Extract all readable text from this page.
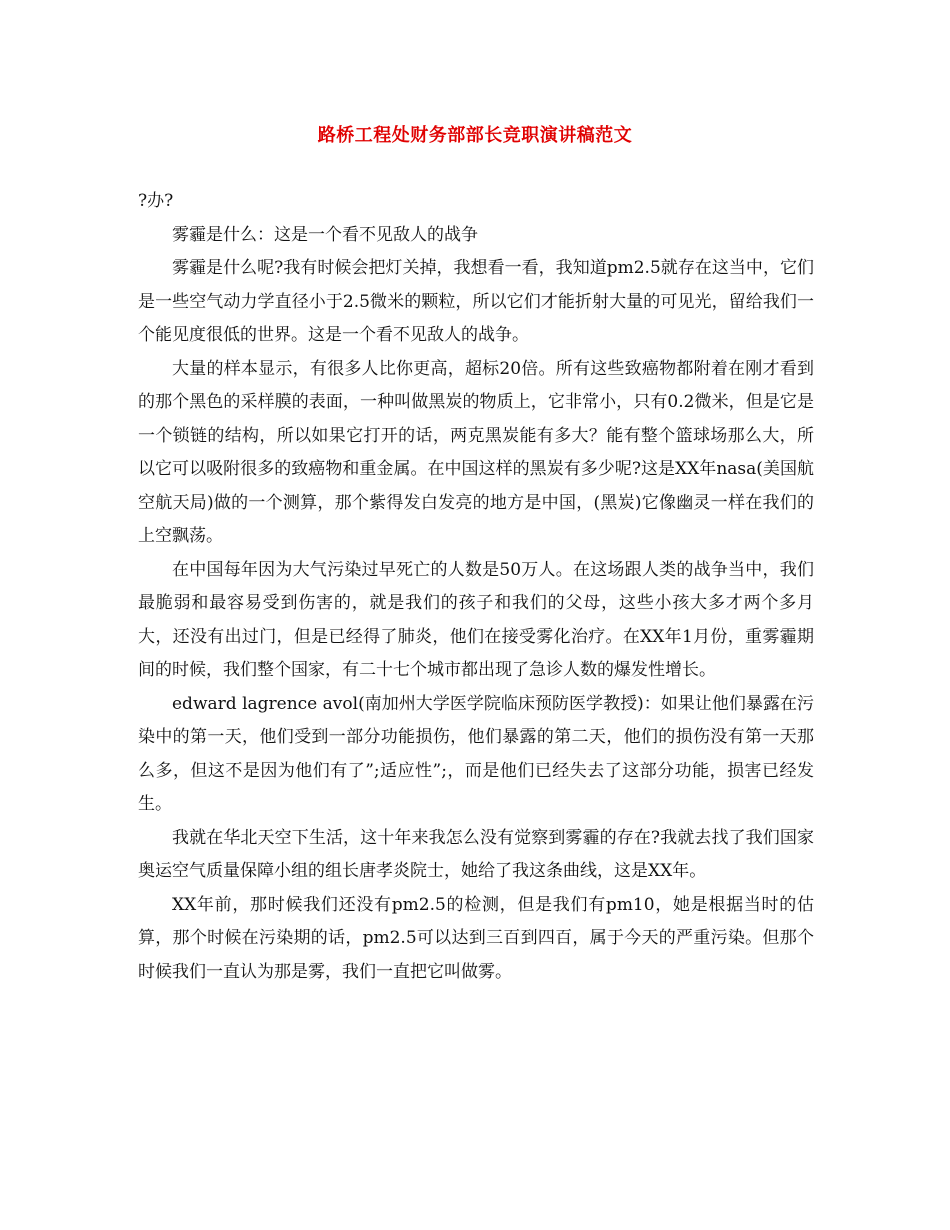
路桥工程处财务部部长竞职演讲稿范文

?办?

雾霾是什么：这是一个看不见敌人的战争

雾霾是什么呢?我有时候会把灯关掉，我想看一看，我知道pm2.5就存在这当中，它们是一些空气动力学直径小于2.5微米的颗粒，所以它们才能折射大量的可见光，留给我们一个能见度很低的世界。这是一个看不见敌人的战争。

大量的样本显示，有很多人比你更高，超标20倍。所有这些致癌物都附着在刚才看到的那个黑色的采样膜的表面，一种叫做黑炭的物质上，它非常小，只有0.2微米，但是它是一个锁链的结构，所以如果它打开的话，两克黑炭能有多大？能有整个篮球场那么大，所以它可以吸附很多的致癌物和重金属。在中国这样的黑炭有多少呢?这是XX年nasa(美国航空航天局)做的一个测算，那个紫得发白发亮的地方是中国，(黑炭)它像幽灵一样在我们的上空飘荡。

在中国每年因为大气污染过早死亡的人数是50万人。在这场跟人类的战争当中，我们最脆弱和最容易受到伤害的，就是我们的孩子和我们的父母，这些小孩大多才两个多月大，还没有出过门，但是已经得了肺炎，他们在接受雾化治疗。在XX年1月份，重雾霾期间的时候，我们整个国家，有二十七个城市都出现了急诊人数的爆发性增长。

edward lagrence avol(南加州大学医学院临床预防医学教授)：如果让他们暴露在污染中的第一天，他们受到一部分功能损伤，他们暴露的第二天，他们的损伤没有第一天那么多，但这不是因为他们有了”;适应性”;，而是他们已经失去了这部分功能，损害已经发生。

我就在华北天空下生活，这十年来我怎么没有觉察到雾霾的存在?我就去找了我们国家奥运空气质量保障小组的组长唐孝炎院士，她给了我这条曲线，这是XX年。

XX年前，那时候我们还没有pm2.5的检测，但是我们有pm10，她是根据当时的估算，那个时候在污染期的话，pm2.5可以达到三百到四百，属于今天的严重污染。但那个时候我们一直认为那是雾，我们一直把它叫做雾。
